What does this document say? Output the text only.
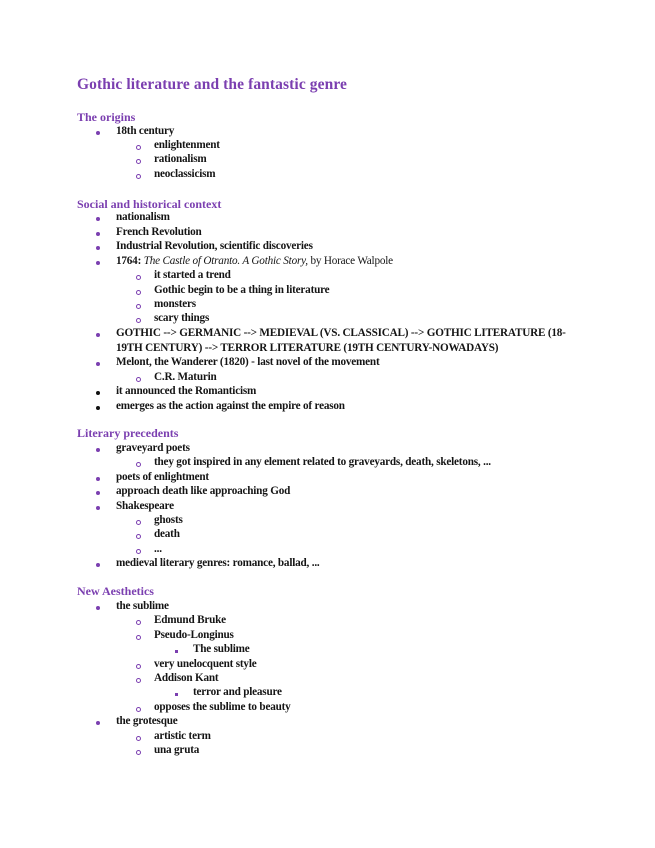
Gothic literature and the fantastic genre
The origins
18th century
enlightenment
rationalism
neoclassicism
Social and historical context
nationalism
French Revolution
Industrial Revolution, scientific discoveries
1764: The Castle of Otranto. A Gothic Story, by Horace Walpole
it started a trend
Gothic begin to be a thing in literature
monsters
scary things
GOTHIC --> GERMANIC --> MEDIEVAL (VS. CLASSICAL) --> GOTHIC LITERATURE (18-19TH CENTURY) --> TERROR LITERATURE (19TH CENTURY-NOWADAYS)
Melont, the Wanderer (1820) - last novel of the movement
C.R. Maturin
it announced the Romanticism
emerges as the action against the empire of reason
Literary precedents
graveyard poets
they got inspired in any element related to graveyards, death, skeletons, ...
poets of enlightment
approach death like approaching God
Shakespeare
ghosts
death
...
medieval literary genres: romance, ballad, ...
New Aesthetics
the sublime
Edmund Bruke
Pseudo-Longinus
The sublime
very unelocquent style
Addison Kant
terror and pleasure
opposes the sublime to beauty
the grotesque
artistic term
una gruta
